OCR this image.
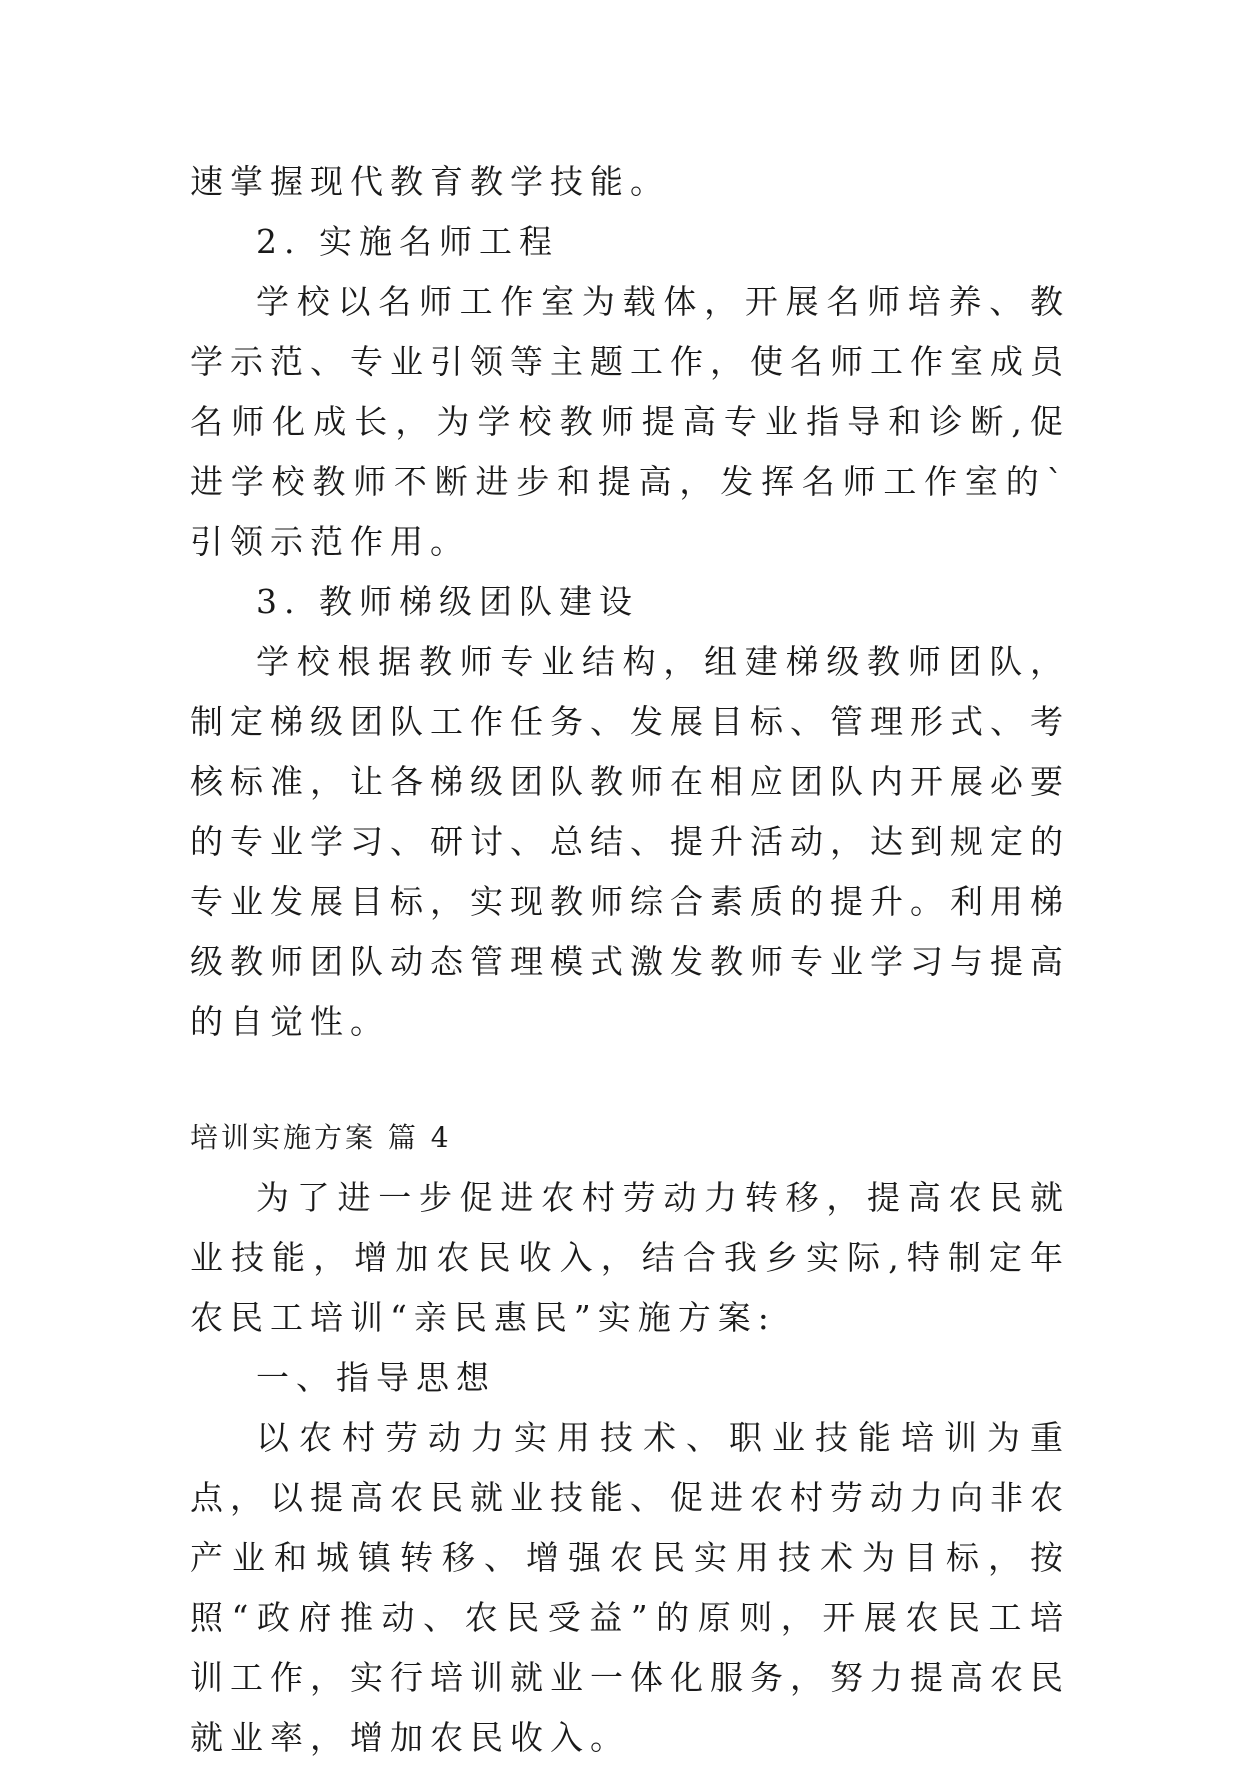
速掌握现代教育教学技能。

2. 实施名师工程

学校以名师工作室为载体，开展名师培养、教学示范、专业引领等主题工作，使名师工作室成员名师化成长，为学校教师提高专业指导和诊断,促进学校教师不断进步和提高，发挥名师工作室的`引领示范作用。

3. 教师梯级团队建设

学校根据教师专业结构，组建梯级教师团队，制定梯级团队工作任务、发展目标、管理形式、考核标准，让各梯级团队教师在相应团队内开展必要的专业学习、研讨、总结、提升活动，达到规定的专业发展目标，实现教师综合素质的提升。利用梯级教师团队动态管理模式激发教师专业学习与提高的自觉性。

培训实施方案 篇 4

为了进一步促进农村劳动力转移，提高农民就业技能，增加农民收入，结合我乡实际,特制定年农民工培训“亲民惠民”实施方案:

一、指导思想

以农村劳动力实用技术、职业技能培训为重点，以提高农民就业技能、促进农村劳动力向非农产业和城镇转移、增强农民实用技术为目标，按照“政府推动、农民受益”的原则，开展农民工培训工作，实行培训就业一体化服务，努力提高农民就业率，增加农民收入。
